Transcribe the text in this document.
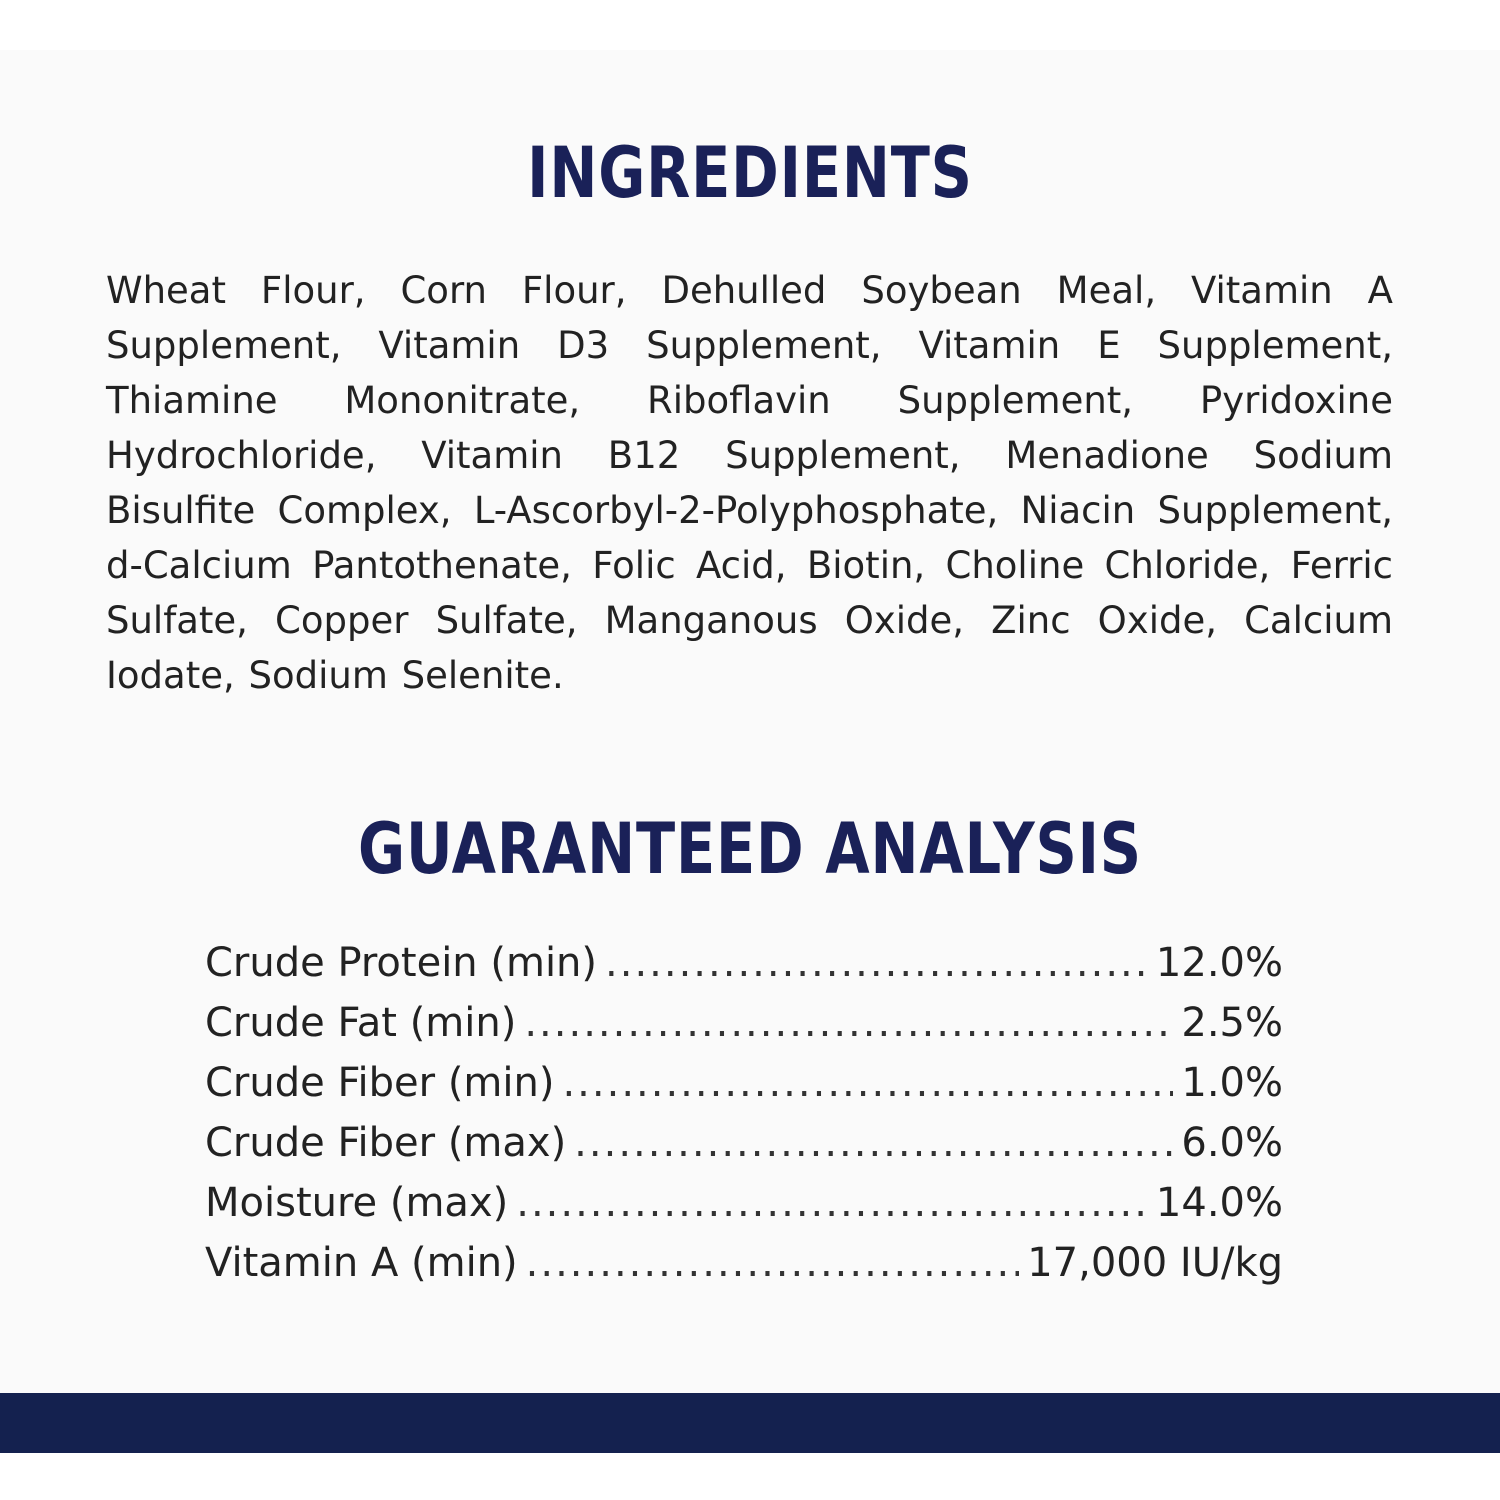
INGREDIENTS
Wheat Flour, Corn Flour, Dehulled Soybean Meal, Vitamin A Supplement, Vitamin D3 Supplement, Vitamin E Supplement, Thiamine Mononitrate, Riboflavin Supplement, Pyridoxine Hydrochloride, Vitamin B12 Supplement, Menadione Sodium Bisulfite Complex, L-Ascorbyl-2-Polyphosphate, Niacin Supplement, d-Calcium Pantothenate, Folic Acid, Biotin, Choline Chloride, Ferric Sulfate, Copper Sulfate, Manganous Oxide, Zinc Oxide, Calcium Iodate, Sodium Selenite.
GUARANTEED ANALYSIS
Crude Protein (min) .....	12.0%
Crude Fat (min) .....	2.5%
Crude Fiber (min) .....	1.0%
Crude Fiber (max) .....	6.0%
Moisture (max) .....	14.0%
Vitamin A (min) .....	17,000 IU/kg
